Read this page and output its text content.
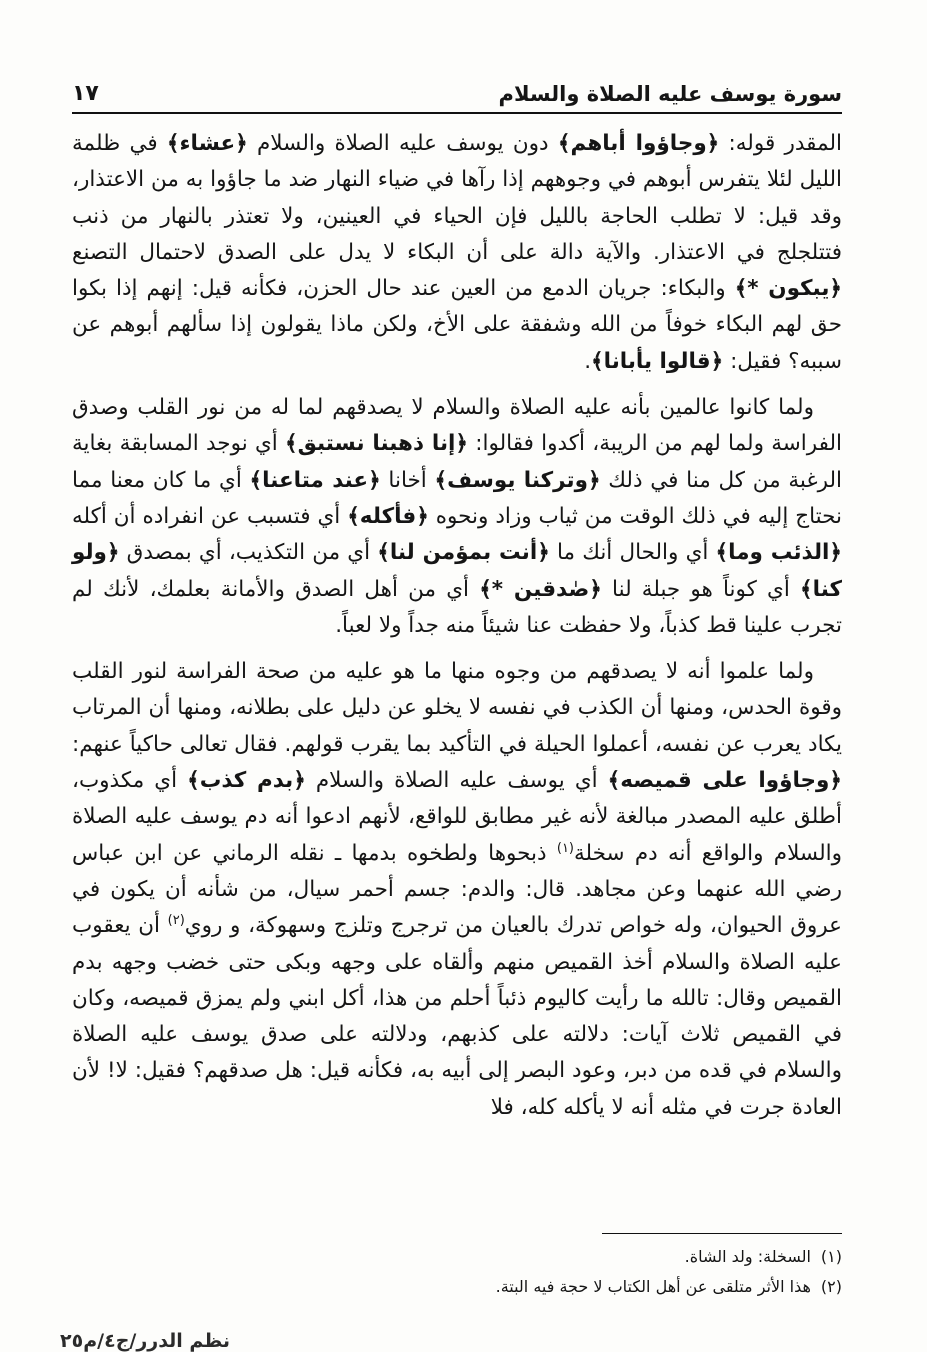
سورة يوسف عليه الصلاة والسلام
١٧

المقدر قوله: ﴿وجاؤوا أباهم﴾ دون يوسف عليه الصلاة والسلام ﴿عشاء﴾ في ظلمة الليل لئلا يتفرس أبوهم في وجوههم إذا رآها في ضياء النهار ضد ما جاؤوا به من الاعتذار، وقد قيل: لا تطلب الحاجة بالليل فإن الحياء في العينين، ولا تعتذر بالنهار من ذنب فتتلجلج في الاعتذار. والآية دالة على أن البكاء لا يدل على الصدق لاحتمال التصنع ﴿يبكون *﴾ والبكاء: جريان الدمع من العين عند حال الحزن، فكأنه قيل: إنهم إذا بكوا حق لهم البكاء خوفاً من الله وشفقة على الأخ، ولكن ماذا يقولون إذا سألهم أبوهم عن سببه؟ فقيل: ﴿قالوا يأبانا﴾.

ولما كانوا عالمين بأنه عليه الصلاة والسلام لا يصدقهم لما له من نور القلب وصدق الفراسة ولما لهم من الريبة، أكدوا فقالوا: ﴿إنا ذهبنا نستبق﴾ أي نوجد المسابقة بغاية الرغبة من كل منا في ذلك ﴿وتركنا يوسف﴾ أخانا ﴿عند متاعنا﴾ أي ما كان معنا مما نحتاج إليه في ذلك الوقت من ثياب وزاد ونحوه ﴿فأكله﴾ أي فتسبب عن انفراده أن أكله ﴿الذئب وما﴾ أي والحال أنك ما ﴿أنت بمؤمن لنا﴾ أي من التكذيب، أي بمصدق ﴿ولو كنا﴾ أي كوناً هو جبلة لنا ﴿صٰدقين *﴾ أي من أهل الصدق والأمانة بعلمك، لأنك لم تجرب علينا قط كذباً، ولا حفظت عنا شيئاً منه جداً ولا لعباً.

ولما علموا أنه لا يصدقهم من وجوه منها ما هو عليه من صحة الفراسة لنور القلب وقوة الحدس، ومنها أن الكذب في نفسه لا يخلو عن دليل على بطلانه، ومنها أن المرتاب يكاد يعرب عن نفسه، أعملوا الحيلة في التأكيد بما يقرب قولهم. فقال تعالى حاكياً عنهم: ﴿وجاؤوا على قميصه﴾ أي يوسف عليه الصلاة والسلام ﴿بدم كذب﴾ أي مكذوب، أطلق عليه المصدر مبالغة لأنه غير مطابق للواقع، لأنهم ادعوا أنه دم يوسف عليه الصلاة والسلام والواقع أنه دم سخلة$^{(١)}$ ذبحوها ولطخوه بدمها ـ نقله الرماني عن ابن عباس رضي الله عنهما وعن مجاهد. قال: والدم: جسم أحمر سيال، من شأنه أن يكون في عروق الحيوان، وله خواص تدرك بالعيان من ترجرج وتلزج وسهوكة، و روي$^{(٢)}$ أن يعقوب عليه الصلاة والسلام أخذ القميص منهم وألقاه على وجهه وبكى حتى خضب وجهه بدم القميص وقال: تالله ما رأيت كاليوم ذئباً أحلم من هذا، أكل ابني ولم يمزق قميصه، وكان في القميص ثلاث آيات: دلالته على كذبهم، ودلالته على صدق يوسف عليه الصلاة والسلام في قده من دبر، وعود البصر إلى أبيه به، فكأنه قيل: هل صدقهم؟ فقيل: لا! لأن العادة جرت في مثله أنه لا يأكله كله، فلا

(١)السخلة: ولد الشاة.

(٢)هذا الأثر متلقى عن أهل الكتاب لا حجة فيه البتة.

نظم الدرر/ج٤/م٢٥
